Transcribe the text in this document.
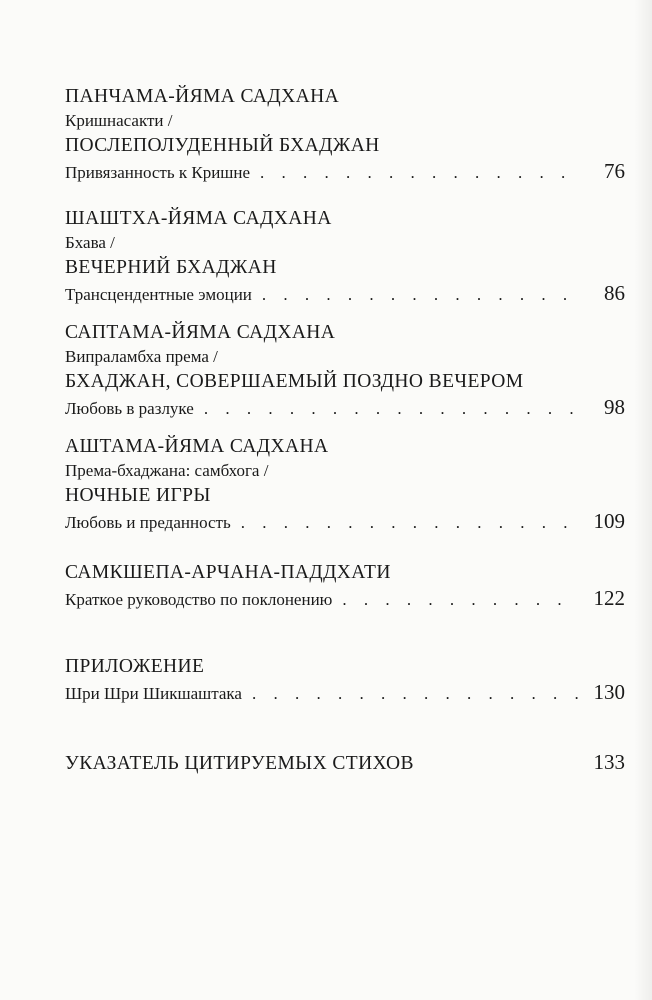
ПАНЧАМА-ЙЯМА САДХАНА
Кришнасакти /
ПОСЛЕПОЛУДЕННЫЙ БХАДЖАН
Привязанность к Кришне . . .	76
ШАШТХА-ЙЯМА САДХАНА
Бхава /
ВЕЧЕРНИЙ БХАДЖАН
Трансцендентные эмоции . . .	86
САПТАМА-ЙЯМА САДХАНА
Випраламбха према /
БХАДЖАН, СОВЕРШАЕМЫЙ ПОЗДНО ВЕЧЕРОМ
Любовь в разлуке . . .	98
АШТАМА-ЙЯМА САДХАНА
Према-бхаджана: самбхога /
НОЧНЫЕ ИГРЫ
Любовь и преданность . . .	109
САМКШЕПА-АРЧАНА-ПАДДХАТИ
Краткое руководство по поклонению . . .	122
ПРИЛОЖЕНИЕ
Шри Шри Шикшаштака . . .	130
УКАЗАТЕЛЬ ЦИТИРУЕМЫХ СТИХОВ	133
